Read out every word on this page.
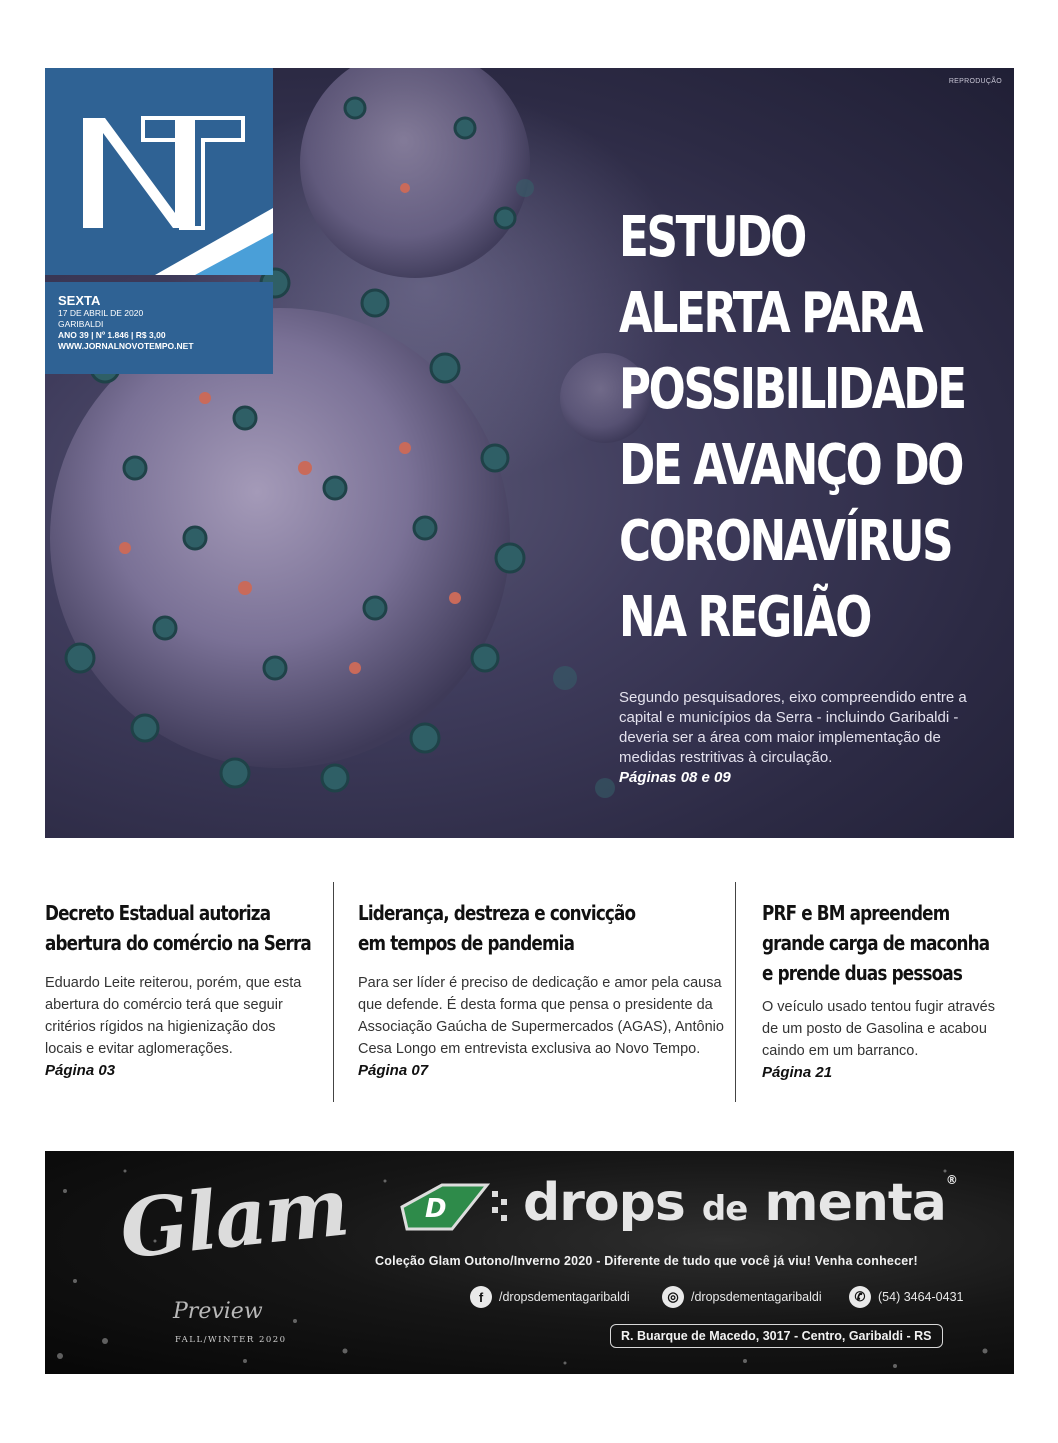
REPRODUÇÃO
SEXTA
17 DE ABRIL DE 2020
GARIBALDI
ANO 39 | Nº 1.846 | R$ 3,00
WWW.JORNALNOVOTEMPO.NET
ESTUDO
ALERTA PARA
POSSIBILIDADE
DE AVANÇO DO
CORONAVÍRUS
NA REGIÃO
Segundo pesquisadores, eixo compreendido entre a capital e municípios da Serra - incluindo Garibaldi - deveria ser a área com maior implementação de medidas restritivas à circulação.
Páginas 08 e 09
Decreto Estadual autoriza
abertura do comércio na Serra

Eduardo Leite reiterou, porém, que esta abertura do comércio terá que seguir critérios rígidos na higienização dos locais e evitar aglomerações.

Página 03
Liderança, destreza e convicção
em tempos de pandemia

Para ser líder é preciso de dedicação e amor pela causa que defende. É desta forma que pensa o presidente da Associação Gaúcha de Supermercados (AGAS), Antônio Cesa Longo em entrevista exclusiva ao Novo Tempo.

Página 07
PRF e BM apreendem
grande carga de maconha
e prende duas pessoas

O veículo usado tentou fugir através de um posto de Gasolina e acabou caindo em um barranco.

Página 21
Glam
Preview
FALL/WINTER 2020
D drops de menta®
Coleção Glam Outono/Inverno 2020 - Diferente de tudo que você já viu! Venha conhecer!
f	/dropsdementagaribaldi	◎ /dropsdementagaribaldi	✆	(54) 3464-0431
R. Buarque de Macedo, 3017 - Centro, Garibaldi - RS
